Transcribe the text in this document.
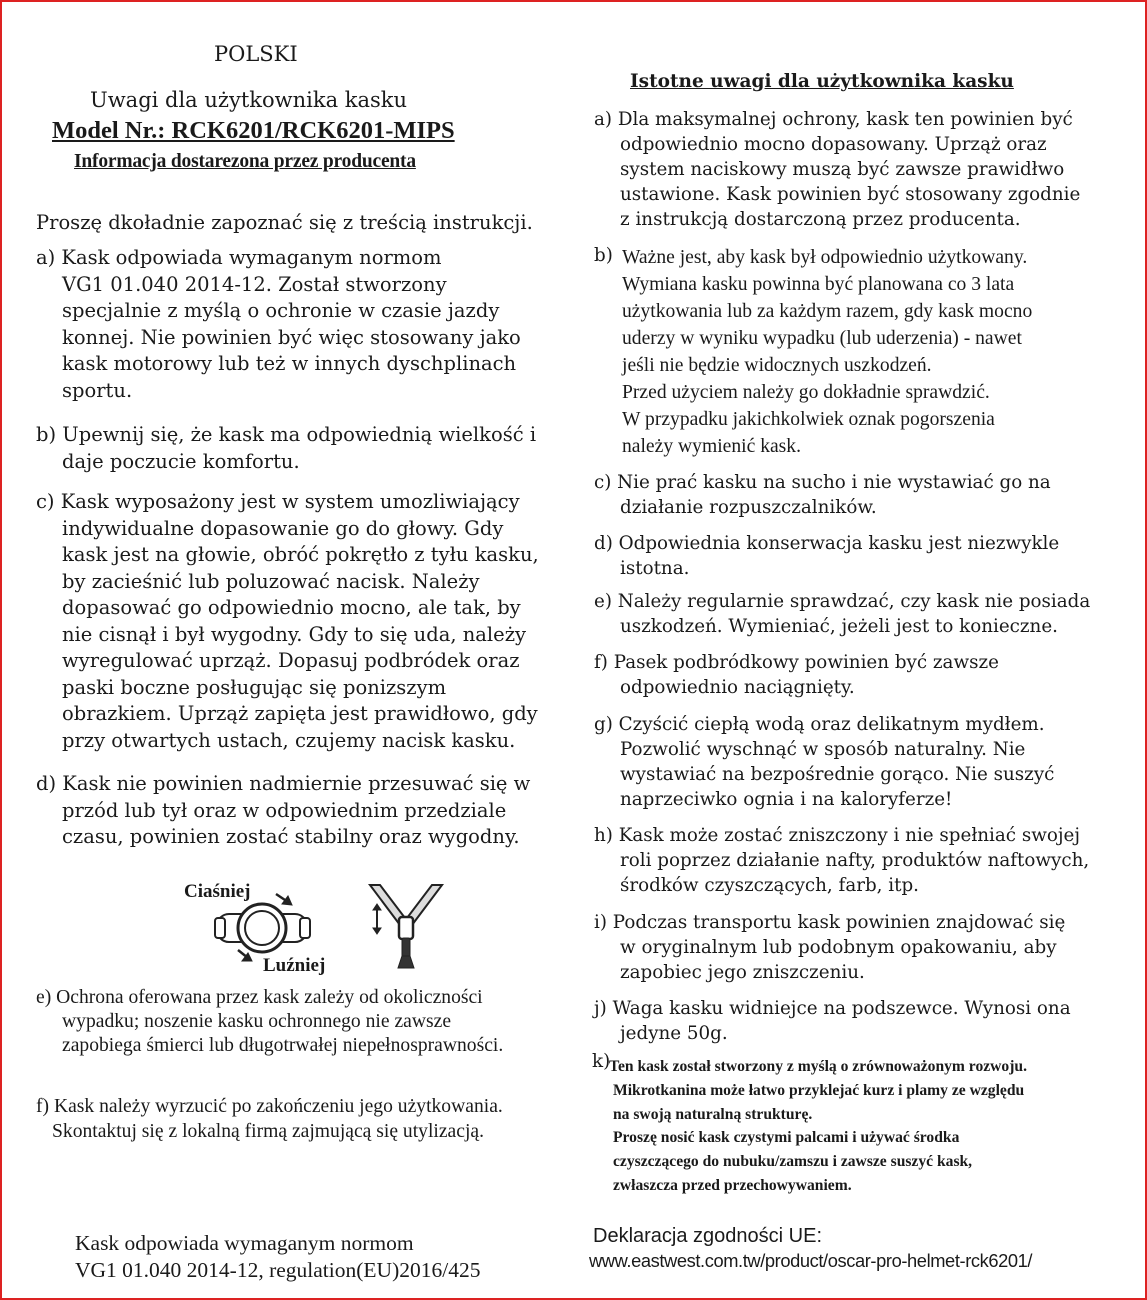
POLSKI
Uwagi dla użytkownika kasku
Model Nr.: RCK6201/RCK6201-MIPS
Informacja dostarezona przez producenta
Proszę dkoładnie zapoznać się z treścią instrukcji.
a) Kask odpowiada wymaganym normom
VG1 01.040 2014-12. Został stworzony
specjalnie z myślą o ochronie w czasie jazdy
konnej. Nie powinien być więc stosowany jako
kask motorowy lub też w innych dyschplinach
sportu.
b) Upewnij się, że kask ma odpowiednią wielkość i
daje poczucie komfortu.
c) Kask wyposażony jest w system umozliwiający
indywidualne dopasowanie go do głowy. Gdy
kask jest na głowie, obróć pokrętło z tyłu kasku,
by zacieśnić lub poluzować nacisk. Należy
dopasować go odpowiednio mocno, ale tak, by
nie cisnął i był wygodny. Gdy to się uda, należy
wyregulować uprząż. Dopasuj podbródek oraz
paski boczne posługując się ponizszym
obrazkiem. Uprząż zapięta jest prawidłowo, gdy
przy otwartych ustach, czujemy nacisk kasku.
d) Kask nie powinien nadmiernie przesuwać się w
przód lub tył oraz w odpowiednim przedziale
czasu, powinien zostać stabilny oraz wygodny.
Ciaśniej
Luźniej
e) Ochrona oferowana przez kask zależy od okoliczności
wypadku; noszenie kasku ochronnego nie zawsze
zapobiega śmierci lub długotrwałej niepełnosprawności.
f) Kask należy wyrzucić po zakończeniu jego użytkowania.
Skontaktuj się z lokalną firmą zajmującą się utylizacją.
Kask odpowiada wymaganym normom
VG1 01.040 2014-12, regulation(EU)2016/425
Istotne uwagi dla użytkownika kasku
a) Dla maksymalnej ochrony, kask ten powinien być
odpowiednio mocno dopasowany. Uprząż oraz
system naciskowy muszą być zawsze prawidłwo
ustawione. Kask powinien być stosowany zgodnie
z instrukcją dostarczoną przez producenta.
b) Ważne jest, aby kask był odpowiednio użytkowany.
Wymiana kasku powinna być planowana co 3 lata
użytkowania lub za każdym razem, gdy kask mocno
uderzy w wyniku wypadku (lub uderzenia) - nawet
jeśli nie będzie widocznych uszkodzeń.
Przed użyciem należy go dokładnie sprawdzić.
W przypadku jakichkolwiek oznak pogorszenia
należy wymienić kask.
c) Nie prać kasku na sucho i nie wystawiać go na
działanie rozpuszczalników.
d) Odpowiednia konserwacja kasku jest niezwykle
istotna.
e) Należy regularnie sprawdzać, czy kask nie posiada
uszkodzeń. Wymieniać, jeżeli jest to konieczne.
f) Pasek podbródkowy powinien być zawsze
odpowiednio naciągnięty.
g) Czyścić ciepłą wodą oraz delikatnym mydłem.
Pozwolić wyschnąć w sposób naturalny. Nie
wystawiać na bezpośrednie gorąco. Nie suszyć
naprzeciwko ognia i na kaloryferze!
h) Kask może zostać zniszczony i nie spełniać swojej
roli poprzez działanie nafty, produktów naftowych,
środków czyszczących, farb, itp.
i) Podczas transportu kask powinien znajdować się
w oryginalnym lub podobnym opakowaniu, aby
zapobiec jego zniszczeniu.
j) Waga kasku widniejce na podszewce. Wynosi ona
jedyne 50g.
k)
Ten kask został stworzony z myślą o zrównoważonym rozwoju.
Mikrotkanina może łatwo przyklejać kurz i plamy ze względu
na swoją naturalną strukturę.
Proszę nosić kask czystymi palcami i używać środka
czyszczącego do nubuku/zamszu i zawsze suszyć kask,
zwłaszcza przed przechowywaniem.
Deklaracja zgodności UE:
www.eastwest.com.tw/product/oscar-pro-helmet-rck6201/
